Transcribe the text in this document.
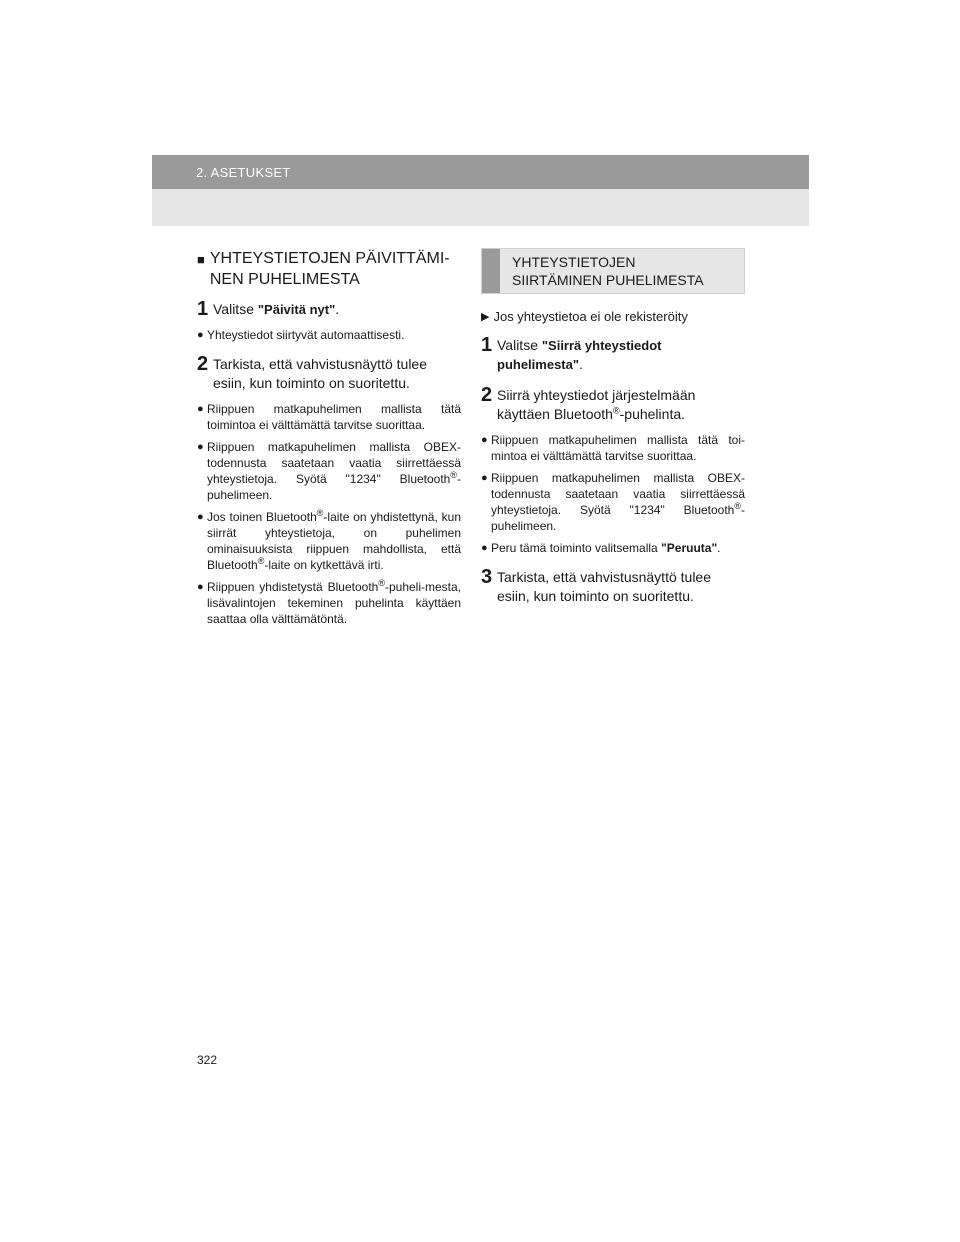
2. ASETUKSET
■ YHTEYSTIETOJEN PÄIVITTÄMI-
NEN PUHELIMESTA
1 Valitse "Päivitä nyt".
● Yhteystiedot siirtyvät automaattisesti.
2 Tarkista, että vahvistusnäyttö tulee esiin, kun toiminto on suoritettu.
● Riippuen matkapuhelimen mallista tätä toimintoa ei välttämättä tarvitse suorittaa.
● Riippuen matkapuhelimen mallista OBEX-todennusta saatetaan vaatia siirrettäessä yhteystietoja. Syötä "1234" Bluetooth®-puhelimeen.
● Jos toinen Bluetooth®-laite on yhdistettynä, kun siirrät yhteystietoja, on puhelimen ominaisuuksista riippuen mahdollista, että Bluetooth®-laite on kytkettävä irti.
● Riippuen yhdistetystä Bluetooth®-puheli-mesta, lisävalintojen tekeminen puhelinta käyttäen saattaa olla välttämätöntä.
YHTEYSTIETOJEN
SIIRTÄMINEN PUHELIMESTA
▶ Jos yhteystietoa ei ole rekisteröity
1 Valitse "Siirrä yhteystiedot puhelimesta".
2 Siirrä yhteystiedot järjestelmään käyttäen Bluetooth®-puhelinta.
● Riippuen matkapuhelimen mallista tätä toi-mintoa ei välttämättä tarvitse suorittaa.
● Riippuen matkapuhelimen mallista OBEX-todennusta saatetaan vaatia siirrettäessä yhteystietoja. Syötä "1234" Bluetooth®-puhelimeen.
● Peru tämä toiminto valitsemalla "Peruuta".
3 Tarkista, että vahvistusnäyttö tulee esiin, kun toiminto on suoritettu.
322
